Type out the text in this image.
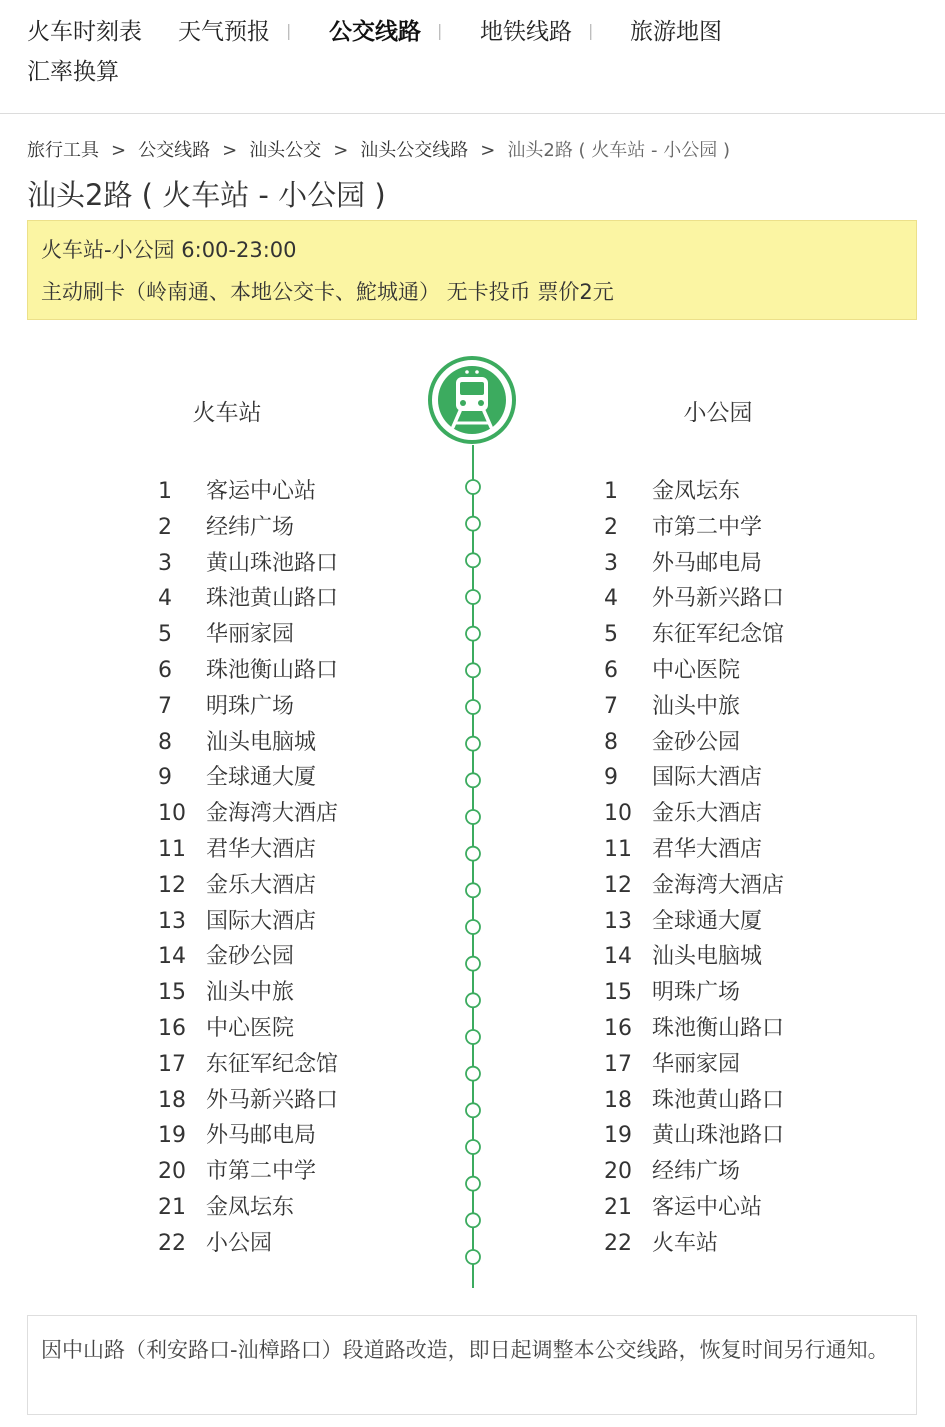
火车时刻表 天气预报 | 公交线路 | 地铁线路 | 旅游地图
汇率换算
旅行工具 > 公交线路 > 汕头公交 > 汕头公交线路 > 汕头2路 ( 火车站 - 小公园 )
汕头2路 ( 火车站 - 小公园 )
火车站-小公园 6:00-23:00
主动刷卡（岭南通、本地公交卡、鮀城通） 无卡投币 票价2元
火车站	小公园
1	客运中心站
2	经纬广场
3	黄山珠池路口
4	珠池黄山路口
5	华丽家园
6	珠池衡山路口
7	明珠广场
8	汕头电脑城
9	全球通大厦
10 金海湾大酒店
11 君华大酒店
12 金乐大酒店
13 国际大酒店
14 金砂公园
15 汕头中旅
16 中心医院
17 东征军纪念馆
18 外马新兴路口
19 外马邮电局
20 市第二中学
21 金凤坛东
22 小公园
1	金凤坛东
2	市第二中学
3	外马邮电局
4	外马新兴路口
5	东征军纪念馆
6	中心医院
7	汕头中旅
8	金砂公园
9	国际大酒店
10 金乐大酒店
11 君华大酒店
12 金海湾大酒店
13 全球通大厦
14 汕头电脑城
15 明珠广场
16 珠池衡山路口
17 华丽家园
18 珠池黄山路口
19 黄山珠池路口
20 经纬广场
21 客运中心站
22 火车站
因中山路（利安路口-汕樟路口）段道路改造，即日起调整本公交线路，恢复时间另行通知。
